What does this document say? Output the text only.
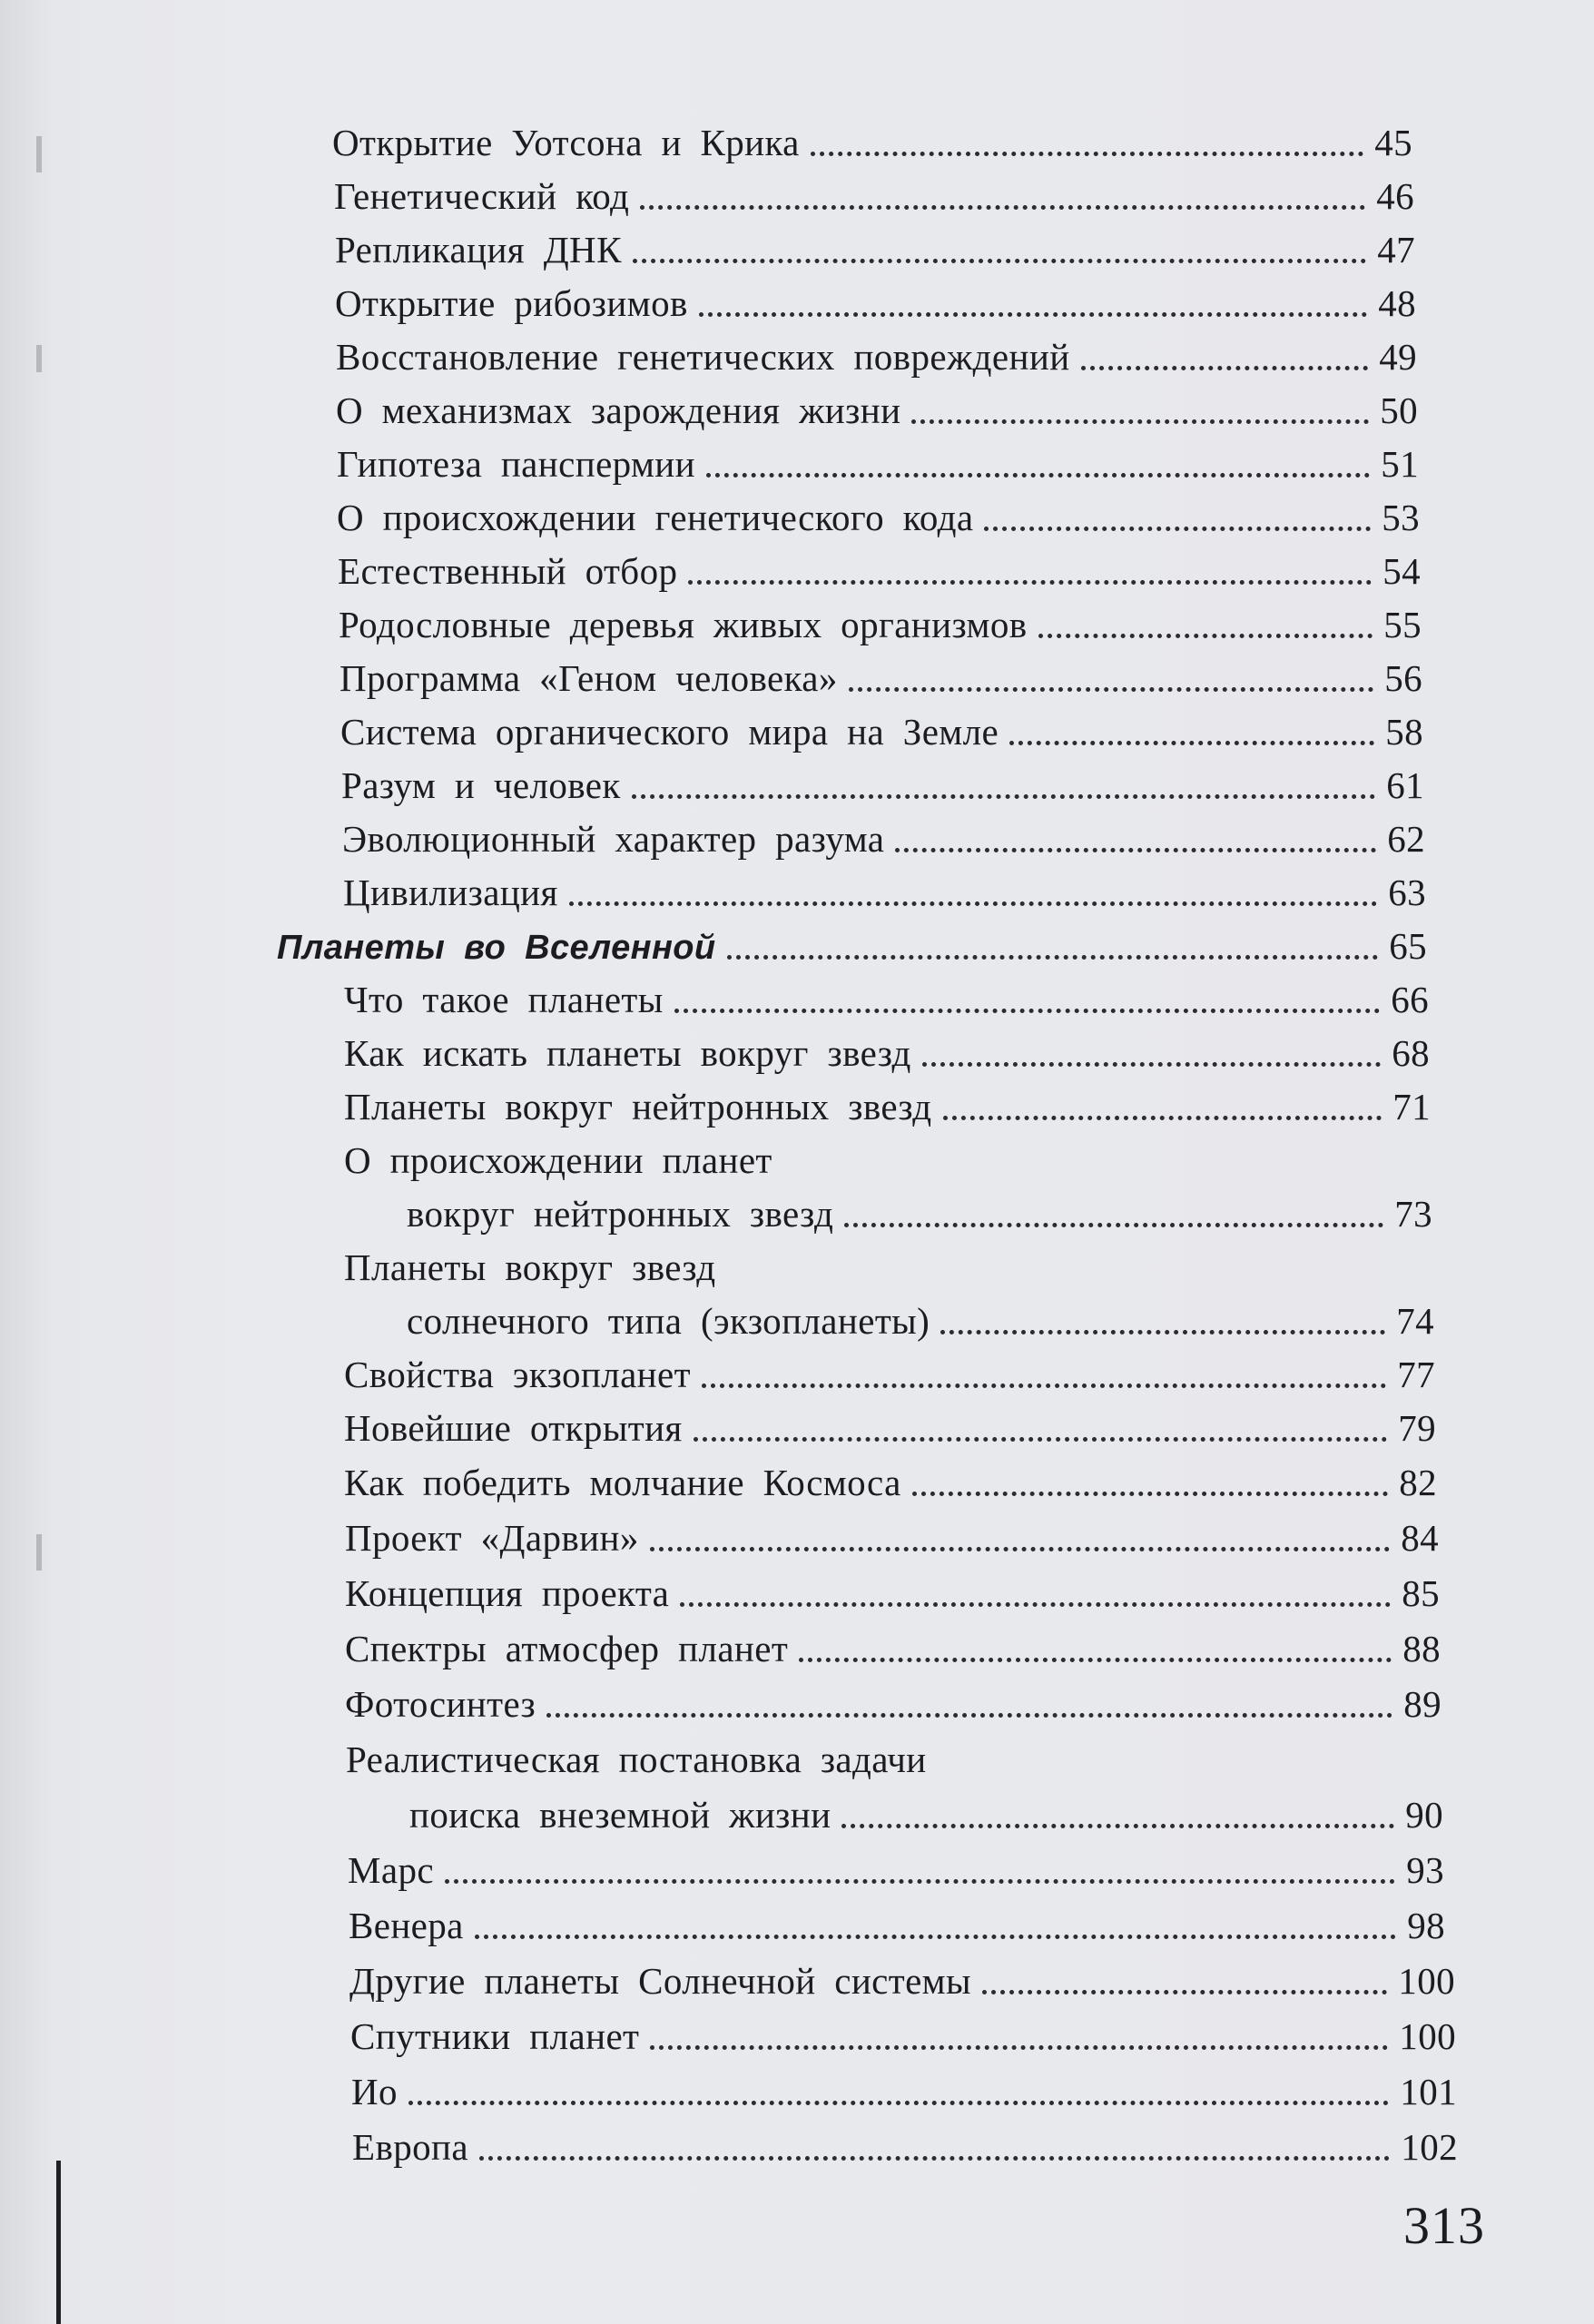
Открытие Уотсона и Крика	45
Генетический код	46
Репликация ДНК	47
Открытие рибозимов	48
Восстановление генетических повреждений	49
О механизмах зарождения жизни	50
Гипотеза панспермии	51
О происхождении генетического кода	53
Естественный отбор	54
Родословные деревья живых организмов	55
Программа «Геном человека»	56
Система органического мира на Земле	58
Разум и человек	61
Эволюционный характер разума	62
Цивилизация	63
Планеты во Вселенной	65
Что такое планеты	66
Как искать планеты вокруг звезд	68
Планеты вокруг нейтронных звезд	71
О происхождении планет
вокруг нейтронных звезд	73
Планеты вокруг звезд
солнечного типа (экзопланеты)	74
Свойства экзопланет	77
Новейшие открытия	79
Как победить молчание Космоса	82
Проект «Дарвин»	84
Концепция проекта	85
Спектры атмосфер планет	88
Фотосинтез	89
Реалистическая постановка задачи
поиска внеземной жизни	90
Марс	93
Венера	98
Другие планеты Солнечной системы	100
Спутники планет	100
Ио	101
Европа	102
313
